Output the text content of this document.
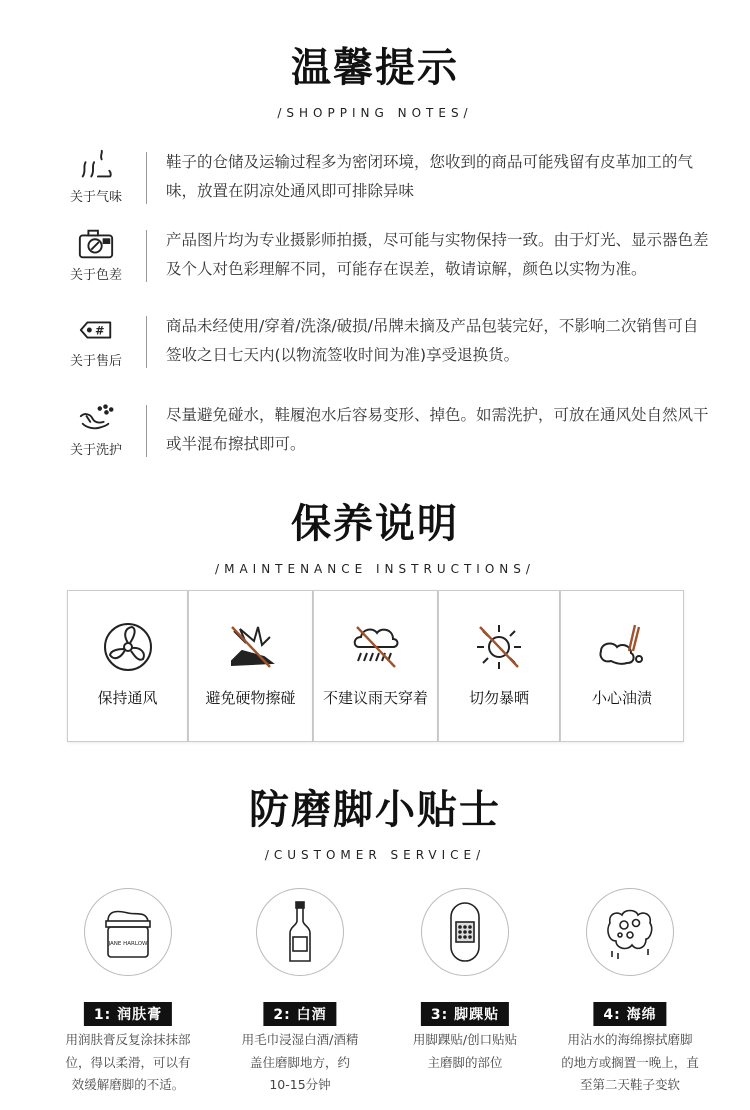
温馨提示
/SHOPPING NOTES/
关于气味
鞋子的仓储及运输过程多为密闭环境，您收到的商品可能残留有皮革加工的气味，放置在阴凉处通风即可排除异味
关于色差
产品图片均为专业摄影师拍摄，尽可能与实物保持一致。由于灯光、显示器色差及个人对色彩理解不同，可能存在误差，敬请谅解，颜色以实物为准。
#
关于售后
商品未经使用/穿着/洗涤/破损/吊牌未摘及产品包装完好，不影响二次销售可自签收之日七天内(以物流签收时间为准)享受退换货。
关于洗护
尽量避免碰水，鞋履泡水后容易变形、掉色。如需洗护，可放在通风处自然风干或半混布擦拭即可。
保养说明
/MAINTENANCE INSTRUCTIONS/
保持通风	避免硬物擦碰	不建议雨天穿着	切勿暴晒	小心油渍
防磨脚小贴士
/CUSTOMER SERVICE/
JANE HARLOW
1: 润肤膏
用润肤膏反复涂抹抹部
位，得以柔滑，可以有
效缓解磨脚的不适。
2: 白酒
用毛巾浸湿白酒/酒精
盖住磨脚地方，约
10-15分钟
3: 脚踝贴
用脚踝贴/创口贴贴
主磨脚的部位
4: 海绵
用沾水的海绵擦拭磨脚
的地方或搁置一晚上，直
至第二天鞋子变软
